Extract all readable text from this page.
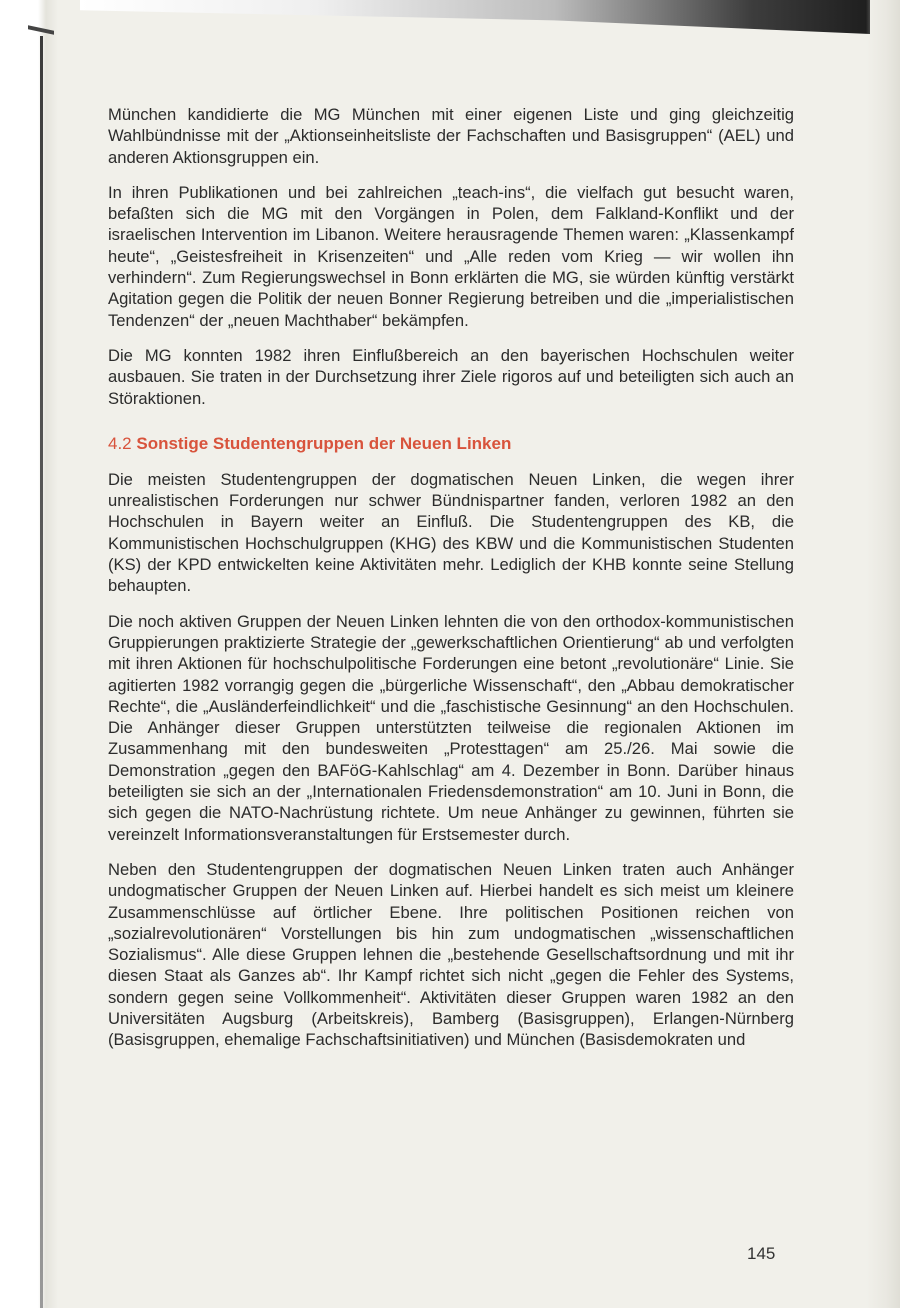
München kandidierte die MG München mit einer eigenen Liste und ging gleichzeitig Wahlbündnisse mit der „Aktionseinheitsliste der Fachschaften und Basisgruppen“ (AEL) und anderen Aktionsgruppen ein.

In ihren Publikationen und bei zahlreichen „teach-ins“, die vielfach gut besucht waren, befaßten sich die MG mit den Vorgängen in Polen, dem Falkland-Konflikt und der israelischen Intervention im Libanon. Weitere herausragende Themen waren: „Klassenkampf heute“, „Geistesfreiheit in Krisenzeiten“ und „Alle reden vom Krieg — wir wollen ihn verhindern“. Zum Regierungswechsel in Bonn erklärten die MG, sie würden künftig verstärkt Agitation gegen die Politik der neuen Bonner Regierung betreiben und die „imperialistischen Tendenzen“ der „neuen Machthaber“ bekämpfen.

Die MG konnten 1982 ihren Einflußbereich an den bayerischen Hochschulen weiter ausbauen. Sie traten in der Durchsetzung ihrer Ziele rigoros auf und beteiligten sich auch an Störaktionen.

4.2 Sonstige Studentengruppen der Neuen Linken

Die meisten Studentengruppen der dogmatischen Neuen Linken, die wegen ihrer unrealistischen Forderungen nur schwer Bündnispartner fanden, verloren 1982 an den Hochschulen in Bayern weiter an Einfluß. Die Studentengruppen des KB, die Kommunistischen Hochschulgruppen (KHG) des KBW und die Kommunistischen Studenten (KS) der KPD entwickelten keine Aktivitäten mehr. Lediglich der KHB konnte seine Stellung behaupten.

Die noch aktiven Gruppen der Neuen Linken lehnten die von den orthodox-kommunistischen Gruppierungen praktizierte Strategie der „gewerkschaftlichen Orientierung“ ab und verfolgten mit ihren Aktionen für hochschulpolitische Forderungen eine betont „revolutionäre“ Linie. Sie agitierten 1982 vorrangig gegen die „bürgerliche Wissenschaft“, den „Abbau demokratischer Rechte“, die „Ausländerfeindlichkeit“ und die „faschistische Gesinnung“ an den Hochschulen. Die Anhänger dieser Gruppen unterstützten teilweise die regionalen Aktionen im Zusammenhang mit den bundesweiten „Protesttagen“ am 25./26. Mai sowie die Demonstration „gegen den BAFöG-Kahlschlag“ am 4. Dezember in Bonn. Darüber hinaus beteiligten sie sich an der „Internationalen Friedensdemonstration“ am 10. Juni in Bonn, die sich gegen die NATO-Nachrüstung richtete. Um neue Anhänger zu gewinnen, führten sie vereinzelt Informationsveranstaltungen für Erstsemester durch.

Neben den Studentengruppen der dogmatischen Neuen Linken traten auch Anhänger undogmatischer Gruppen der Neuen Linken auf. Hierbei handelt es sich meist um kleinere Zusammenschlüsse auf örtlicher Ebene. Ihre politischen Positionen reichen von „sozialrevolutionären“ Vorstellungen bis hin zum undogmatischen „wissenschaftlichen Sozialismus“. Alle diese Gruppen lehnen die „bestehende Gesellschaftsordnung und mit ihr diesen Staat als Ganzes ab“. Ihr Kampf richtet sich nicht „gegen die Fehler des Systems, sondern gegen seine Vollkommenheit“. Aktivitäten dieser Gruppen waren 1982 an den Universitäten Augsburg (Arbeitskreis), Bamberg (Basisgruppen), Erlangen-Nürnberg (Basisgruppen, ehemalige Fachschaftsinitiativen) und München (Basisdemokraten und

145
